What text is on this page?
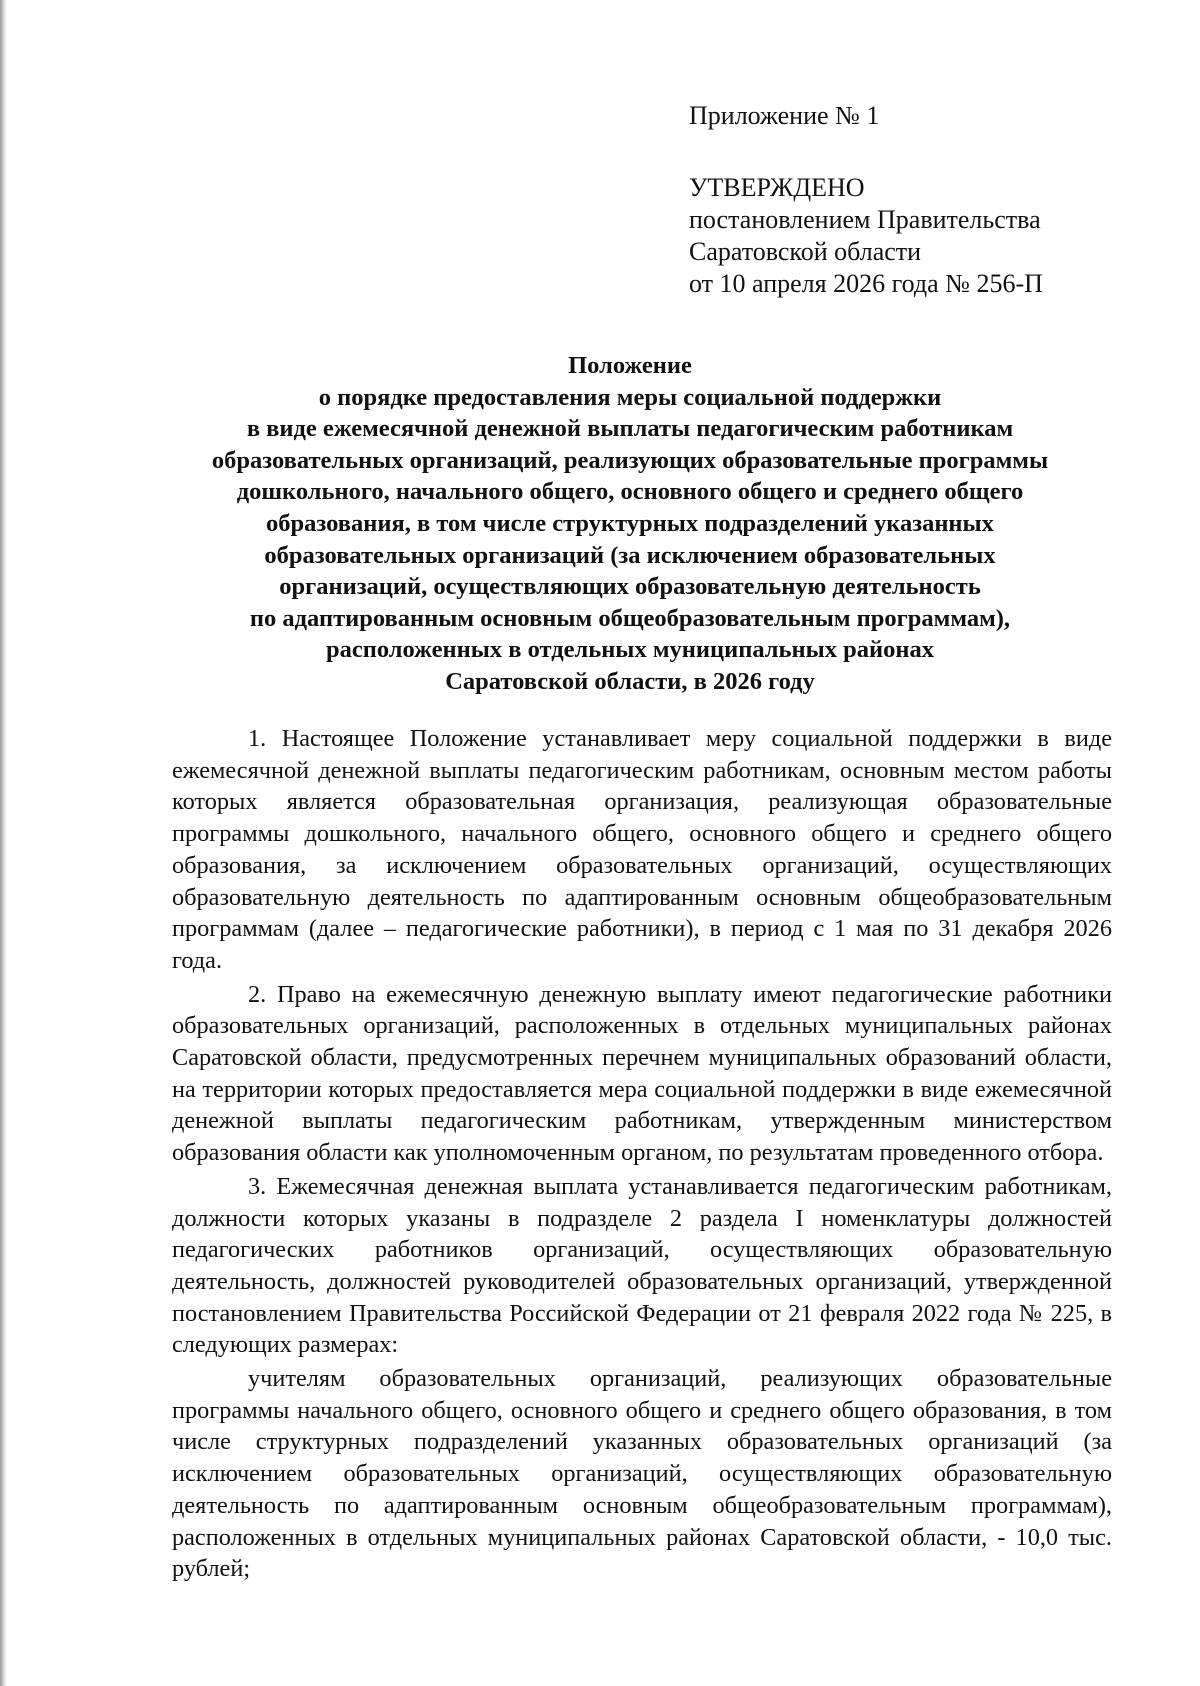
Приложение № 1
УТВЕРЖДЕНО
постановлением Правительства
Саратовской области
от 10 апреля 2026 года № 256-П
Положение
о порядке предоставления меры социальной поддержки
в виде ежемесячной денежной выплаты педагогическим работникам
образовательных организаций, реализующих образовательные программы
дошкольного, начального общего, основного общего и среднего общего
образования, в том числе структурных подразделений указанных
образовательных организаций (за исключением образовательных
организаций, осуществляющих образовательную деятельность
по адаптированным основным общеобразовательным программам),
расположенных в отдельных муниципальных районах
Саратовской области, в 2026 году

1. Настоящее Положение устанавливает меру социальной поддержки в виде ежемесячной денежной выплаты педагогическим работникам, основным местом работы которых является образовательная организация, реализующая образовательные программы дошкольного, начального общего, основного общего и среднего общего образования, за исключением образовательных организаций, осуществляющих образовательную деятельность по адаптированным основным общеобразовательным программам (далее – педагогические работники), в период с 1 мая по 31 декабря 2026 года.

2. Право на ежемесячную денежную выплату имеют педагогические работники образовательных организаций, расположенных в отдельных муниципальных районах Саратовской области, предусмотренных перечнем муниципальных образований области, на территории которых предоставляется мера социальной поддержки в виде ежемесячной денежной выплаты педагогическим работникам, утвержденным министерством образования области как уполномоченным органом, по результатам проведенного отбора.

3. Ежемесячная денежная выплата устанавливается педагогическим работникам, должности которых указаны в подразделе 2 раздела I номенклатуры должностей педагогических работников организаций, осуществляющих образовательную деятельность, должностей руководителей образовательных организаций, утвержденной постановлением Правительства Российской Федерации от 21 февраля 2022 года № 225, в следующих размерах:

учителям образовательных организаций, реализующих образовательные программы начального общего, основного общего и среднего общего образования, в том числе структурных подразделений указанных образовательных организаций (за исключением образовательных организаций, осуществляющих образовательную деятельность по адаптированным основным общеобразовательным программам), расположенных в отдельных муниципальных районах Саратовской области, - 10,0 тыс. рублей;
